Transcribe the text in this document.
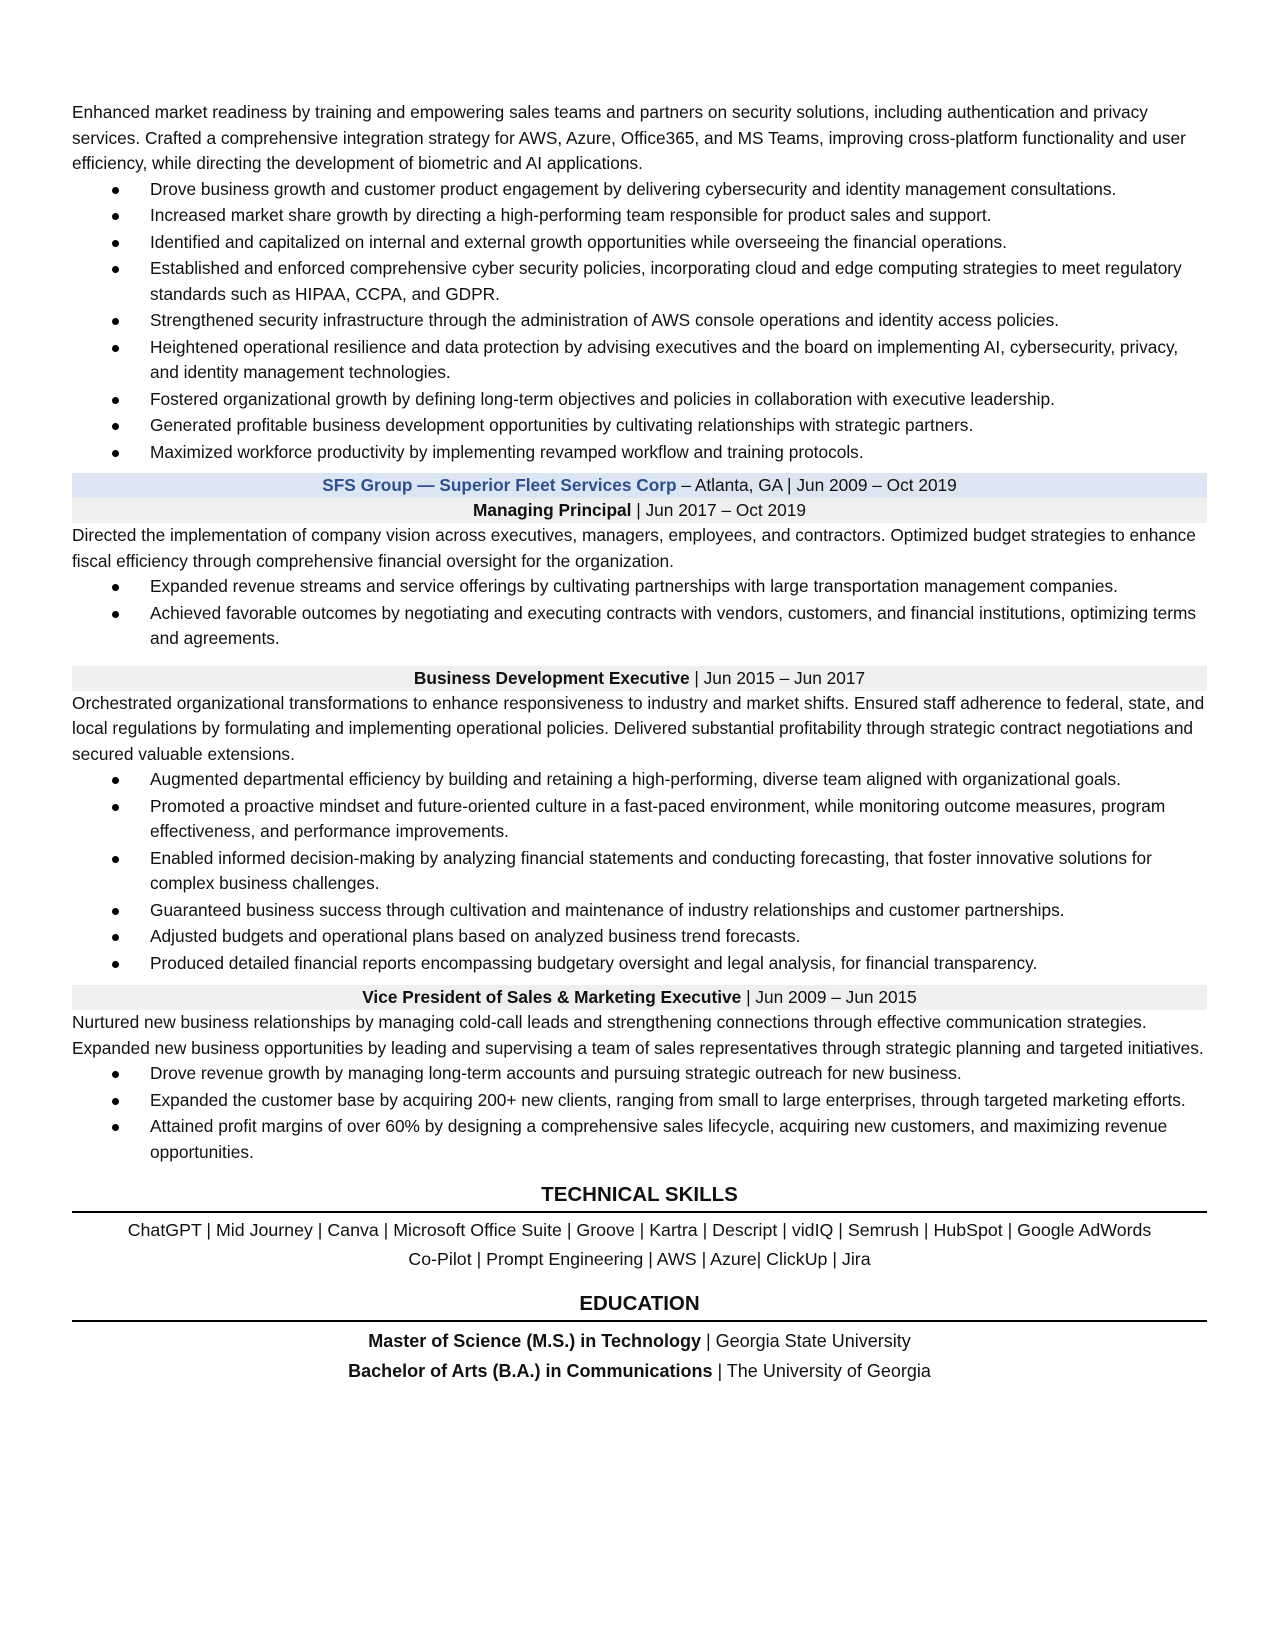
Enhanced market readiness by training and empowering sales teams and partners on security solutions, including authentication and privacy services. Crafted a comprehensive integration strategy for AWS, Azure, Office365, and MS Teams, improving cross-platform functionality and user efficiency, while directing the development of biometric and AI applications.

Drove business growth and customer product engagement by delivering cybersecurity and identity management consultations.
Increased market share growth by directing a high-performing team responsible for product sales and support.
Identified and capitalized on internal and external growth opportunities while overseeing the financial operations.
Established and enforced comprehensive cyber security policies, incorporating cloud and edge computing strategies to meet regulatory standards such as HIPAA, CCPA, and GDPR.
Strengthened security infrastructure through the administration of AWS console operations and identity access policies.
Heightened operational resilience and data protection by advising executives and the board on implementing AI, cybersecurity, privacy, and identity management technologies.
Fostered organizational growth by defining long-term objectives and policies in collaboration with executive leadership.
Generated profitable business development opportunities by cultivating relationships with strategic partners.
Maximized workforce productivity by implementing revamped workflow and training protocols.
SFS Group — Superior Fleet Services Corp – Atlanta, GA | Jun 2009 – Oct 2019
Managing Principal | Jun 2017 – Oct 2019

Directed the implementation of company vision across executives, managers, employees, and contractors. Optimized budget strategies to enhance fiscal efficiency through comprehensive financial oversight for the organization.

Expanded revenue streams and service offerings by cultivating partnerships with large transportation management companies.
Achieved favorable outcomes by negotiating and executing contracts with vendors, customers, and financial institutions, optimizing terms and agreements.
Business Development Executive | Jun 2015 – Jun 2017

Orchestrated organizational transformations to enhance responsiveness to industry and market shifts. Ensured staff adherence to federal, state, and local regulations by formulating and implementing operational policies. Delivered substantial profitability through strategic contract negotiations and secured valuable extensions.

Augmented departmental efficiency by building and retaining a high-performing, diverse team aligned with organizational goals.
Promoted a proactive mindset and future-oriented culture in a fast-paced environment, while monitoring outcome measures, program effectiveness, and performance improvements.
Enabled informed decision-making by analyzing financial statements and conducting forecasting, that foster innovative solutions for complex business challenges.
Guaranteed business success through cultivation and maintenance of industry relationships and customer partnerships.
Adjusted budgets and operational plans based on analyzed business trend forecasts.
Produced detailed financial reports encompassing budgetary oversight and legal analysis, for financial transparency.
Vice President of Sales & Marketing Executive | Jun 2009 – Jun 2015

Nurtured new business relationships by managing cold-call leads and strengthening connections through effective communication strategies. Expanded new business opportunities by leading and supervising a team of sales representatives through strategic planning and targeted initiatives.

Drove revenue growth by managing long-term accounts and pursuing strategic outreach for new business.
Expanded the customer base by acquiring 200+ new clients, ranging from small to large enterprises, through targeted marketing efforts.
Attained profit margins of over 60% by designing a comprehensive sales lifecycle, acquiring new customers, and maximizing revenue opportunities.
TECHNICAL SKILLS
ChatGPT | Mid Journey | Canva | Microsoft Office Suite | Groove | Kartra | Descript | vidIQ | Semrush | HubSpot | Google AdWords
Co-Pilot | Prompt Engineering | AWS | Azure| ClickUp | Jira
EDUCATION
Master of Science (M.S.) in Technology | Georgia State University
Bachelor of Arts (B.A.) in Communications | The University of Georgia
